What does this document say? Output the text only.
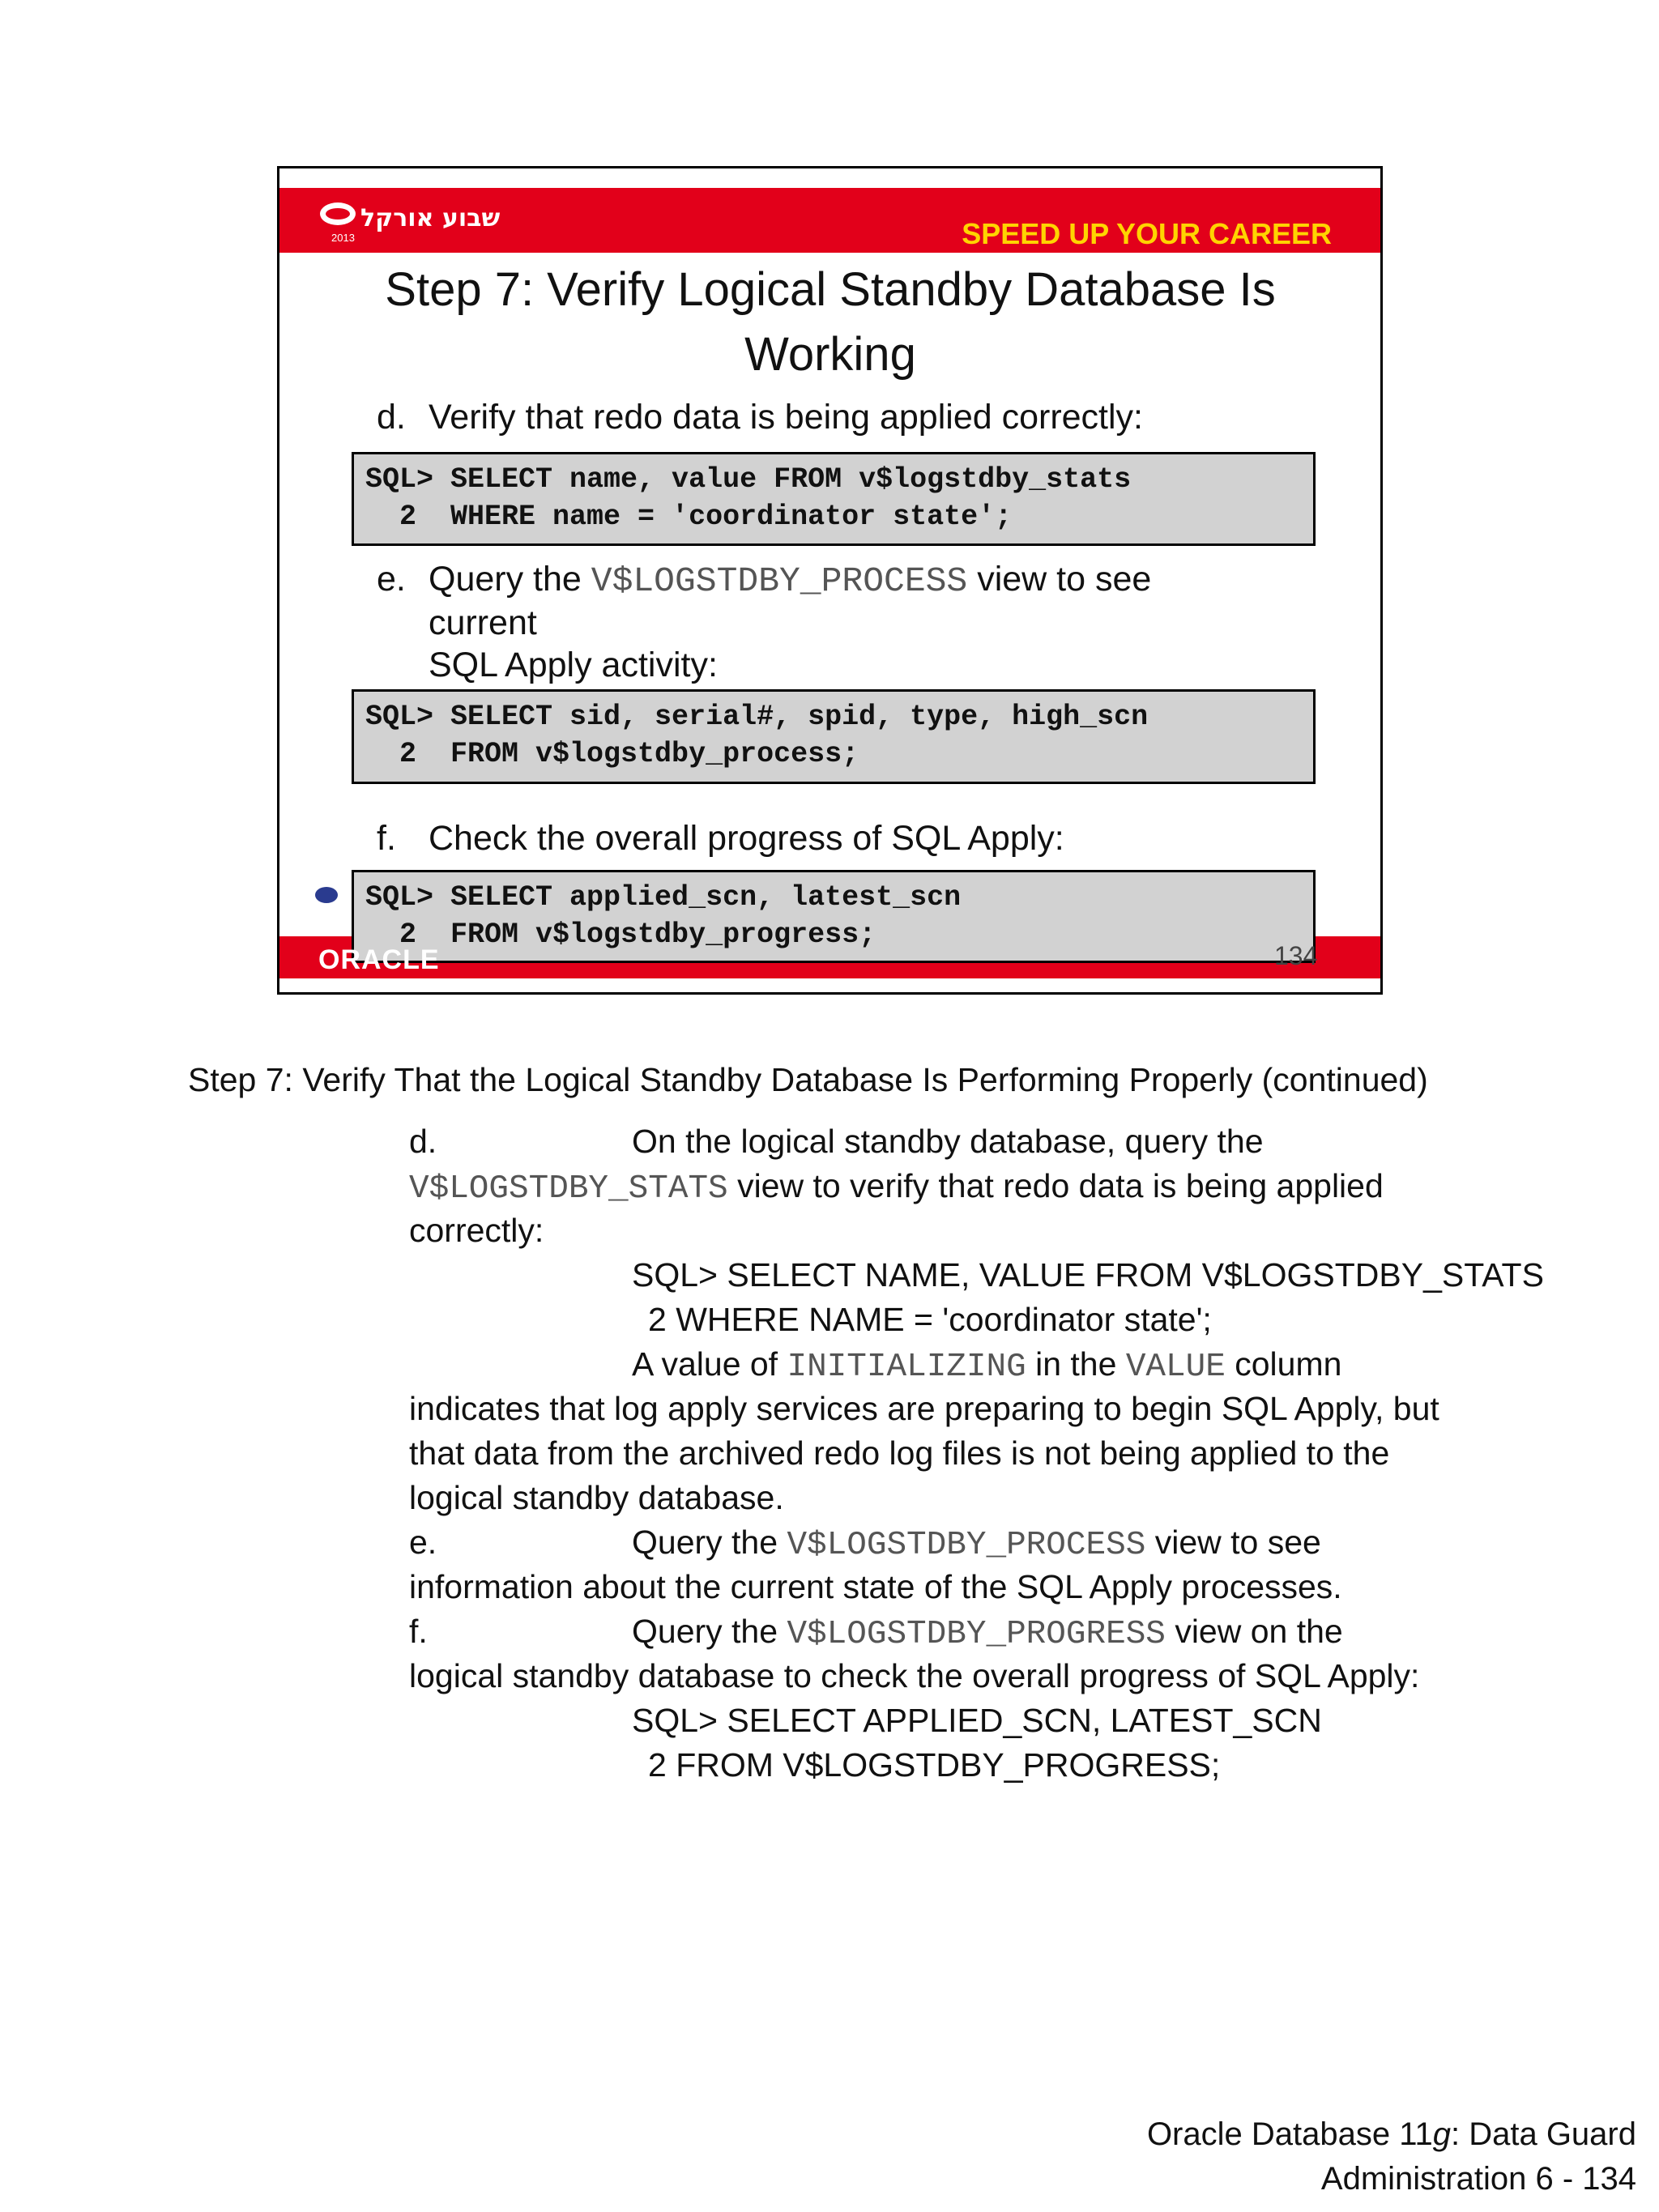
שבוע אורקל
2013	SPEED UP YOUR CAREER
Step 7: Verify Logical Standby Database Is Working
d. Verify that redo data is being applied correctly:
SQL> SELECT name, value FROM v$logstdby_stats
2  WHERE name = 'coordinator state';
e. Query the V$LOGSTDBY_PROCESS view to see
current
SQL Apply activity:
SQL> SELECT sid, serial#, spid, type, high_scn
2  FROM v$logstdby_process;
f. Check the overall progress of SQL Apply:
SQL> SELECT applied_scn, latest_scn
2  FROM v$logstdby_progress;
ORACLE	134
Step 7: Verify That the Logical Standby Database Is Performing Properly (continued)
d.	On the logical standby database, query the
V$LOGSTDBY_STATS view to verify that redo data is being applied
correctly:
SQL> SELECT NAME, VALUE FROM V$LOGSTDBY_STATS
2 WHERE NAME = 'coordinator state';
A value of INITIALIZING in the VALUE column
indicates that log apply services are preparing to begin SQL Apply, but
that data from the archived redo log files is not being applied to the
logical standby database.
e.	Query the V$LOGSTDBY_PROCESS view to see
information about the current state of the SQL Apply processes.
f.	Query the V$LOGSTDBY_PROGRESS view on the
logical standby database to check the overall progress of SQL Apply:
SQL> SELECT APPLIED_SCN, LATEST_SCN
2 FROM V$LOGSTDBY_PROGRESS;
Oracle Database 11g: Data Guard
Administration 6 - 134
